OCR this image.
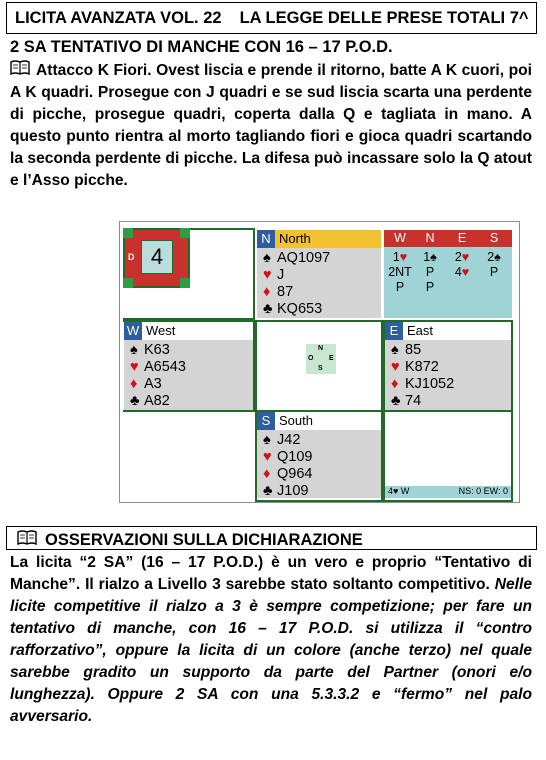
LICITA AVANZATA VOL. 22 LA LEGGE DELLE PRESE TOTALI 7^
2 SA TENTATIVO DI MANCHE CON 16 – 17 P.O.D.
Attacco K Fiori. Ovest liscia e prende il ritorno, batte A K cuori, poi A K quadri. Prosegue con J quadri e se sud liscia scarta una perdente di picche, prosegue quadri, coperta dalla Q e tagliata in mano. A questo punto rientra al morto tagliando fiori e gioca quadri scartando la seconda perdente di picche. La difesa può incassare solo la Q atout e l’Asso picche.
D 4
N North
♠ AQ1097
♥ J
♦ 87
♣ KQ653
W	N	E	S
1♥	1♠	2♥	2♠
2NT	P	4♥	P
P	P
W West
♠ K63
♥ A6543
♦ A3
♣ A82
N
O E
S
E East
♠ 85
♥ K872
♦ KJ1052
♣ 74
S South
♠ J42
♥ Q109
♦ Q964
♣ J109	4♥ W	NS: 0 EW: 0
OSSERVAZIONI SULLA DICHIARAZIONE
La licita “2 SA” (16 – 17 P.O.D.) è un vero e proprio “Tentativo di Manche”. Il rialzo a Livello 3 sarebbe stato soltanto competitivo. Nelle licite competitive il rialzo a 3 è sempre competizione; per fare un tentativo di manche, con 16 – 17 P.O.D. si utilizza il “contro rafforzativo”, oppure la licita di un colore (anche terzo) nel quale sarebbe gradito un supporto da parte del Partner (onori e/o lunghezza). Oppure 2 SA con una 5.3.3.2 e “fermo” nel palo avversario.
